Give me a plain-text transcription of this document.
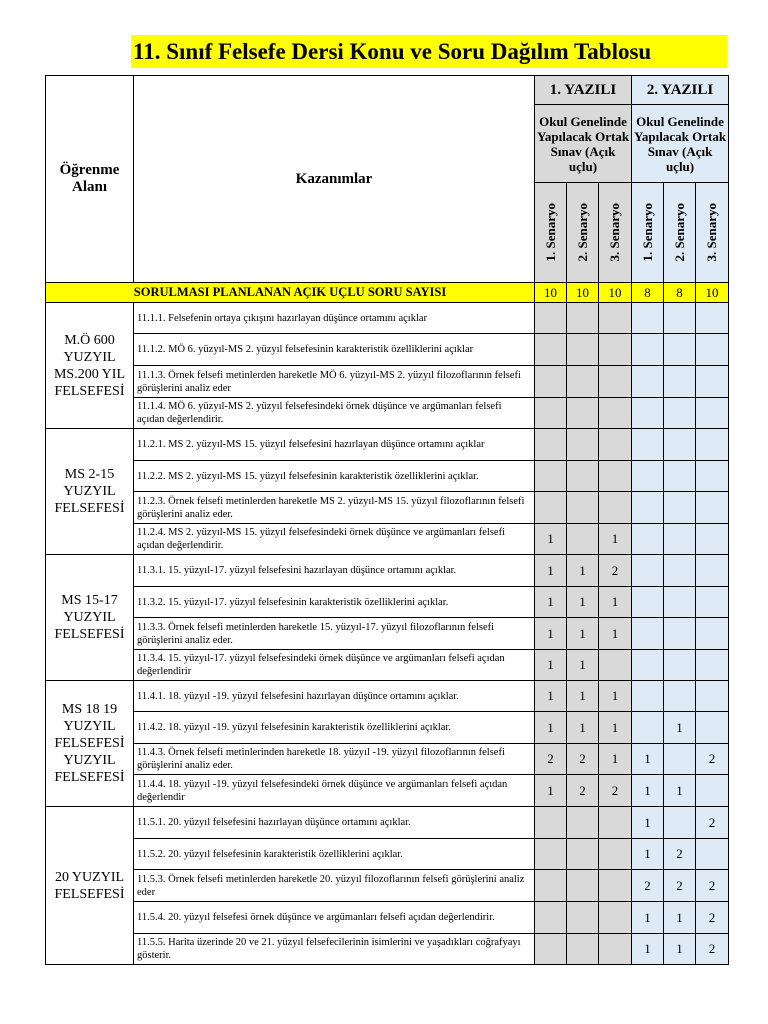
11. Sınıf Felsefe Dersi Konu ve Soru Dağılım Tablosu
Öğrenme Alanı	Kazanımlar	1. YAZILI			2. YAZILI		
		Okul Genelinde Yapılacak Ortak Sınav (Açık uçlu)			Okul Genelinde Yapılacak Ortak Sınav (Açık uçlu)		

		1. Senaryo	2. Senaryo	3. Senaryo	1. Senaryo	2. Senaryo	3. Senaryo

SORULMASI PLANLANAN AÇIK UÇLU SORU SAYISI		10	10	10	8	8	10
M.Ö 600 YUZYIL MS.200 YIL FELSEFESİ	11.1.1. Felsefenin ortaya çıkışını hazırlayan düşünce ortamını açıklar						
	11.1.2. MÖ 6. yüzyıl-MS 2. yüzyıl felsefesinin karakteristik özelliklerini açıklar						
	11.1.3. Örnek felsefi metinlerden hareketle MÖ 6. yüzyıl-MS 2. yüzyıl filozoflarının felsefi görüşlerini analiz eder						
	11.1.4. MÖ 6. yüzyıl-MS 2. yüzyıl felsefesindeki örnek düşünce ve argümanları felsefi açıdan değerlendirir.						
MS 2-15 YUZYIL FELSEFESİ	11.2.1. MS 2. yüzyıl-MS 15. yüzyıl felsefesini hazırlayan düşünce ortamını açıklar						
	11.2.2. MS 2. yüzyıl-MS 15. yüzyıl felsefesinin karakteristik özelliklerini açıklar.						
	11.2.3. Örnek felsefi metinlerden hareketle MS 2. yüzyıl-MS 15. yüzyıl filozoflarının felsefi görüşlerini analiz eder.						
	11.2.4. MS 2. yüzyıl-MS 15. yüzyıl felsefesindeki örnek düşünce ve argümanları felsefi açıdan değerlendirir.	1		1			
MS 15-17 YUZYIL FELSEFESİ	11.3.1. 15. yüzyıl-17. yüzyıl felsefesini hazırlayan düşünce ortamını açıklar.	1	1	2			
	11.3.2. 15. yüzyıl-17. yüzyıl felsefesinin karakteristik özelliklerini açıklar.	1	1	1			
	11.3.3. Örnek felsefi metinlerden hareketle 15. yüzyıl-17. yüzyıl filozoflarının felsefi görüşlerini analiz eder.	1	1	1			
	11.3.4. 15. yüzyıl-17. yüzyıl felsefesindeki örnek düşünce ve argümanları felsefi açıdan değerlendirir	1	1				
MS 18 19 YUZYIL FELSEFESİ YUZYIL FELSEFESİ	11.4.1. 18. yüzyıl -19. yüzyıl felsefesini hazırlayan düşünce ortamını açıklar.	1	1	1			
	11.4.2. 18. yüzyıl -19. yüzyıl felsefesinin karakteristik özelliklerini açıklar.	1	1	1		1	
	11.4.3. Örnek felsefi metinlerinden hareketle 18. yüzyıl -19. yüzyıl filozoflarının felsefi görüşlerini analiz eder.	2	2	1	1		2
	11.4.4. 18. yüzyıl -19. yüzyıl felsefesindeki örnek düşünce ve argümanları felsefi açıdan değerlendir	1	2	2	1	1	
20 YUZYIL FELSEFESİ	11.5.1. 20. yüzyıl felsefesini hazırlayan düşünce ortamını açıklar.				1		2
	11.5.2. 20. yüzyıl felsefesinin karakteristik özelliklerini açıklar.				1	2	
	11.5.3. Örnek felsefi metinlerden hareketle 20. yüzyıl filozoflarının felsefi görüşlerini analiz eder				2	2	2
	11.5.4. 20. yüzyıl felsefesi örnek düşünce ve argümanları felsefi açıdan değerlendirir.				1	1	2
	11.5.5. Harita üzerinde 20 ve 21. yüzyıl felsefecilerinin isimlerini ve yaşadıkları coğrafyayı gösterir.				1	1	2
